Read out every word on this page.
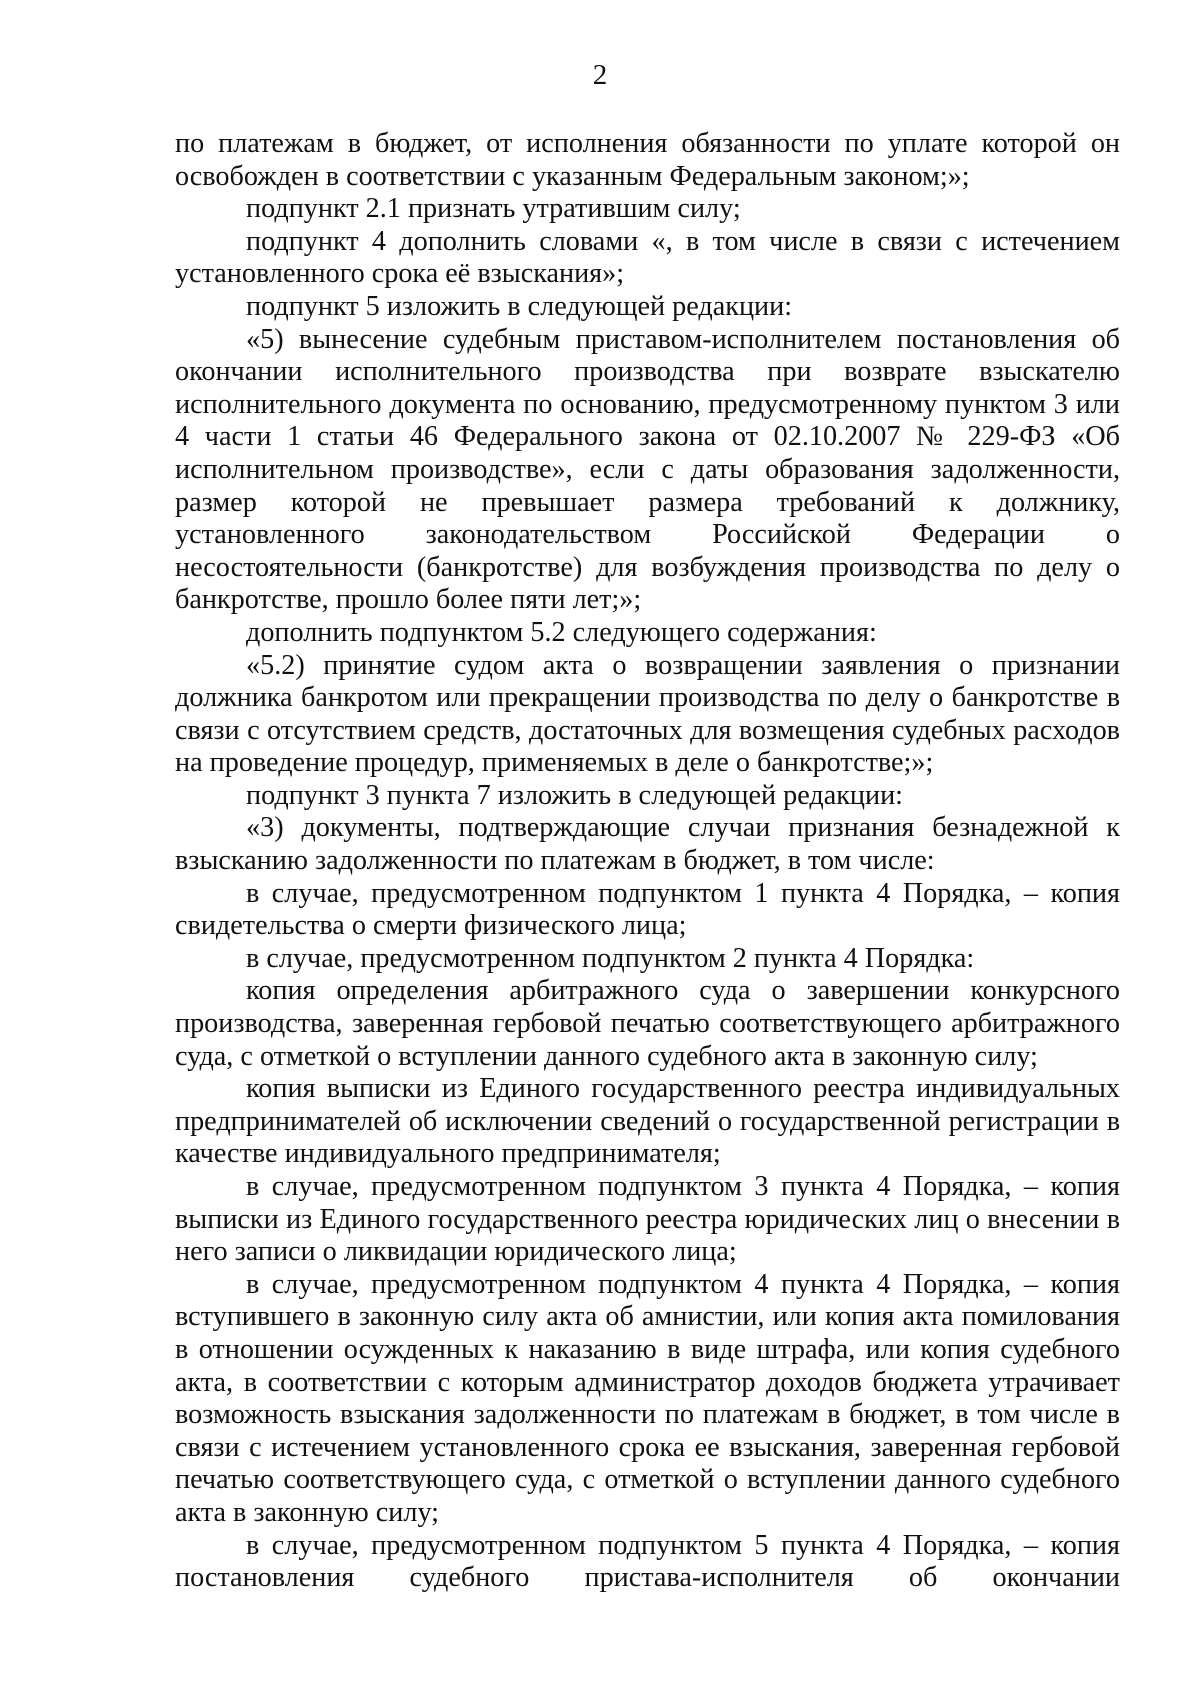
2

по платежам в бюджет, от исполнения обязанности по уплате которой он освобожден в соответствии с указанным Федеральным законом;»;

подпункт 2.1 признать утратившим силу;

подпункт 4 дополнить словами «, в том числе в связи с истечением установленного срока её взыскания»;

подпункт 5 изложить в следующей редакции:

«5) вынесение судебным приставом-исполнителем постановления об окончании исполнительного производства при возврате взыскателю исполнительного документа по основанию, предусмотренному пунктом 3 или 4 части 1 статьи 46 Федерального закона от 02.10.2007 № 229-ФЗ «Об исполнительном производстве», если с даты образования задолженности, размер которой не превышает размера требований к должнику, установленного законодательством Российской Федерации о несостоятельности (банкротстве) для возбуждения производства по делу о банкротстве, прошло более пяти лет;»;

дополнить подпунктом 5.2 следующего содержания:

«5.2) принятие судом акта о возвращении заявления о признании должника банкротом или прекращении производства по делу о банкротстве в связи с отсутствием средств, достаточных для возмещения судебных расходов на проведение процедур, применяемых в деле о банкротстве;»;

подпункт 3 пункта 7 изложить в следующей редакции:

«3) документы, подтверждающие случаи признания безнадежной к взысканию задолженности по платежам в бюджет, в том числе:

в случае, предусмотренном подпунктом 1 пункта 4 Порядка, – копия свидетельства о смерти физического лица;

в случае, предусмотренном подпунктом 2 пункта 4 Порядка:

копия определения арбитражного суда о завершении конкурсного производства, заверенная гербовой печатью соответствующего арбитражного суда, с отметкой о вступлении данного судебного акта в законную силу;

копия выписки из Единого государственного реестра индивидуальных предпринимателей об исключении сведений о государственной регистрации в качестве индивидуального предпринимателя;

в случае, предусмотренном подпунктом 3 пункта 4 Порядка, – копия выписки из Единого государственного реестра юридических лиц о внесении в него записи о ликвидации юридического лица;

в случае, предусмотренном подпунктом 4 пункта 4 Порядка, – копия вступившего в законную силу акта об амнистии, или копия акта помилования в отношении осужденных к наказанию в виде штрафа, или копия судебного акта, в соответствии с которым администратор доходов бюджета утрачивает возможность взыскания задолженности по платежам в бюджет, в том числе в связи с истечением установленного срока ее взыскания, заверенная гербовой печатью соответствующего суда, с отметкой о вступлении данного судебного акта в законную силу;

в случае, предусмотренном подпунктом 5 пункта 4 Порядка, – копия постановления судебного пристава-исполнителя об окончании
